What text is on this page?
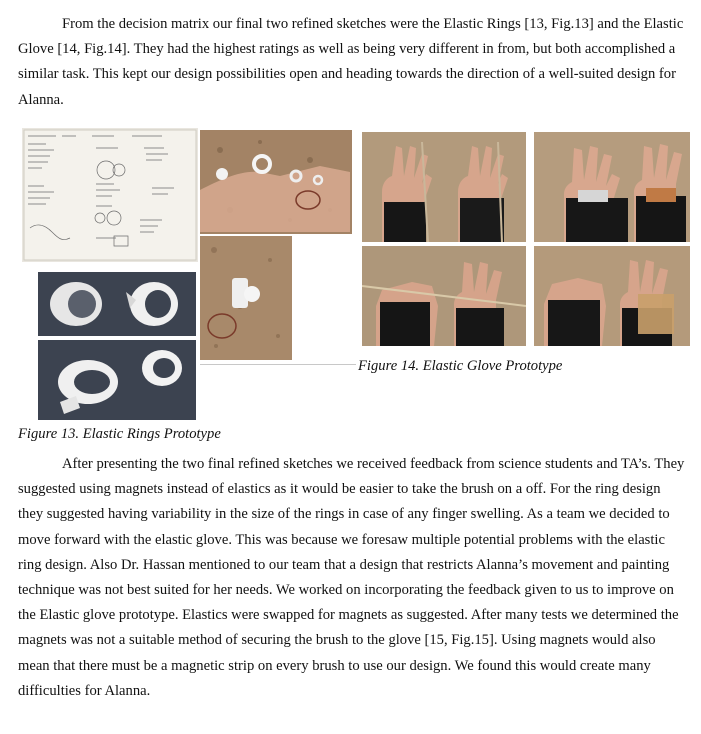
From the decision matrix our final two refined sketches were the Elastic Rings [13, Fig.13] and the Elastic Glove [14, Fig.14]. They had the highest ratings as well as being very different in from, but both accomplished a similar task. This kept our design possibilities open and heading towards the direction of a well-suited design for Alanna.

Figure 14. Elastic Glove Prototype
Figure 13. Elastic Rings Prototype

After presenting the two final refined sketches we received feedback from science students and TA’s. They suggested using magnets instead of elastics as it would be easier to take the brush on a off. For the ring design they suggested having variability in the size of the rings in case of any finger swelling. As a team we decided to move forward with the elastic glove. This was because we foresaw multiple potential problems with the elastic ring design. Also Dr. Hassan mentioned to our team that a design that restricts Alanna’s movement and painting technique was not best suited for her needs. We worked on incorporating the feedback given to us to improve on the Elastic glove prototype. Elastics were swapped for magnets as suggested. After many tests we determined the magnets was not a suitable method of securing the brush to the glove [15, Fig.15]. Using magnets would also mean that there must be a magnetic strip on every brush to use our design. We found this would create many difficulties for Alanna.
